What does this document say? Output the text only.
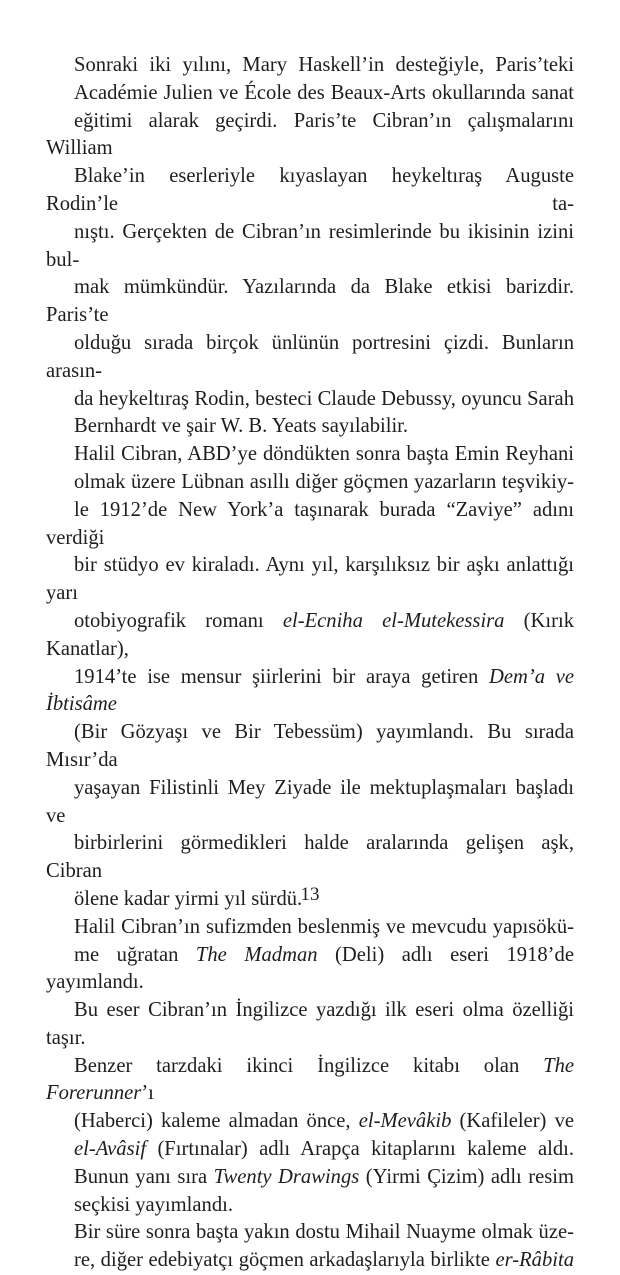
Sonraki iki yılını, Mary Haskell’in desteğiyle, Paris’teki
Académie Julien ve École des Beaux-Arts okullarında sanat
eğitimi alarak geçirdi. Paris’te Cibran’ın çalışmalarını William
Blake’in eserleriyle kıyaslayan heykeltıraş Auguste Rodin’le ta-
nıştı. Gerçekten de Cibran’ın resimlerinde bu ikisinin izini bul-
mak mümkündür. Yazılarında da Blake etkisi barizdir. Paris’te
olduğu sırada birçok ünlünün portresini çizdi. Bunların arasın-
da heykeltıraş Rodin, besteci Claude Debussy, oyuncu Sarah
Bernhardt ve şair W. B. Yeats sayılabilir.
Halil Cibran, ABD’ye döndükten sonra başta Emin Reyhani
olmak üzere Lübnan asıllı diğer göçmen yazarların teşvikiy-
le 1912’de New York’a taşınarak burada “Zaviye” adını verdiği
bir stüdyo ev kiraladı. Aynı yıl, karşılıksız bir aşkı anlattığı yarı
otobiyografik romanı el-Ecniha el-Mutekessira (Kırık Kanatlar),
1914’te ise mensur şiirlerini bir araya getiren Dem’a ve İbtisâme
(Bir Gözyaşı ve Bir Tebessüm) yayımlandı. Bu sırada Mısır’da
yaşayan Filistinli Mey Ziyade ile mektuplaşmaları başladı ve
birbirlerini görmedikleri halde aralarında gelişen aşk, Cibran
ölene kadar yirmi yıl sürdü.
Halil Cibran’ın sufizmden beslenmiş ve mevcudu yapısökü-
me uğratan The Madman (Deli) adlı eseri 1918’de yayımlandı.
Bu eser Cibran’ın İngilizce yazdığı ilk eseri olma özelliği taşır.
Benzer tarzdaki ikinci İngilizce kitabı olan The Forerunner’ı
(Haberci) kaleme almadan önce, el-Mevâkib (Kafileler) ve
el-Avâsif (Fırtınalar) adlı Arapça kitaplarını kaleme aldı.
Bunun yanı sıra Twenty Drawings (Yirmi Çizim) adlı resim
seçkisi yayımlandı.
Bir süre sonra başta yakın dostu Mihail Nuayme olmak üze-
re, diğer edebiyatçı göçmen arkadaşlarıyla birlikte er-Râbita
13
